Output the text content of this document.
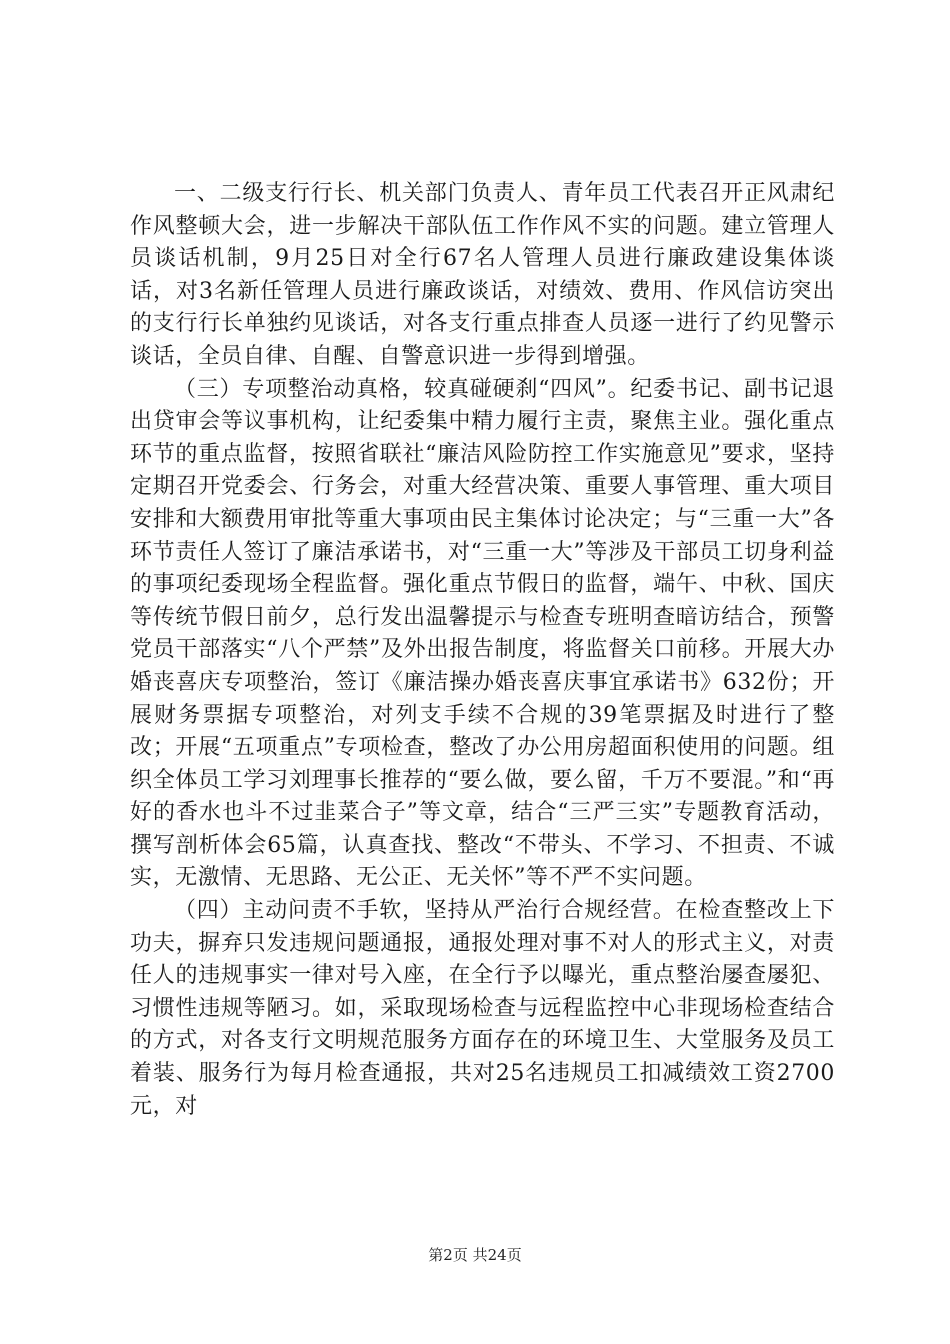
一、二级支行行长、机关部门负责人、青年员工代表召开正风肃纪作风整顿大会，进一步解决干部队伍工作作风不实的问题。建立管理人员谈话机制，9月25日对全行67名人管理人员进行廉政建设集体谈话，对3名新任管理人员进行廉政谈话，对绩效、费用、作风信访突出的支行行长单独约见谈话，对各支行重点排查人员逐一进行了约见警示谈话，全员自律、自醒、自警意识进一步得到增强。

（三）专项整治动真格，较真碰硬刹“四风”。纪委书记、副书记退出贷审会等议事机构，让纪委集中精力履行主责，聚焦主业。强化重点环节的重点监督，按照省联社“廉洁风险防控工作实施意见”要求，坚持定期召开党委会、行务会，对重大经营决策、重要人事管理、重大项目安排和大额费用审批等重大事项由民主集体讨论决定；与“三重一大”各环节责任人签订了廉洁承诺书，对“三重一大”等涉及干部员工切身利益的事项纪委现场全程监督。强化重点节假日的监督，端午、中秋、国庆等传统节假日前夕，总行发出温馨提示与检查专班明查暗访结合，预警党员干部落实“八个严禁”及外出报告制度，将监督关口前移。开展大办婚丧喜庆专项整治，签订《廉洁操办婚丧喜庆事宜承诺书》632份；开展财务票据专项整治，对列支手续不合规的39笔票据及时进行了整改；开展“五项重点”专项检查，整改了办公用房超面积使用的问题。组织全体员工学习刘理事长推荐的“要么做，要么留，千万不要混。”和“再好的香水也斗不过韭菜合子”等文章，结合“三严三实”专题教育活动，撰写剖析体会65篇，认真查找、整改“不带头、不学习、不担责、不诚实，无激情、无思路、无公正、无关怀”等不严不实问题。

（四）主动问责不手软，坚持从严治行合规经营。在检查整改上下功夫，摒弃只发违规问题通报，通报处理对事不对人的形式主义，对责任人的违规事实一律对号入座，在全行予以曝光，重点整治屡查屡犯、习惯性违规等陋习。如，采取现场检查与远程监控中心非现场检查结合的方式，对各支行文明规范服务方面存在的环境卫生、大堂服务及员工着装、服务行为每月检查通报，共对25名违规员工扣减绩效工资2700元，对

第2页 共24页
